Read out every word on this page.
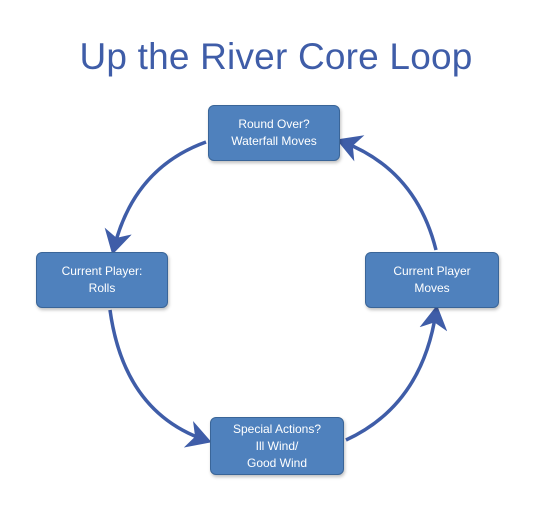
Up the River Core Loop
Round Over?
Waterfall Moves
Current Player:
Rolls
Current Player
Moves
Special Actions?
Ill Wind/
Good Wind
